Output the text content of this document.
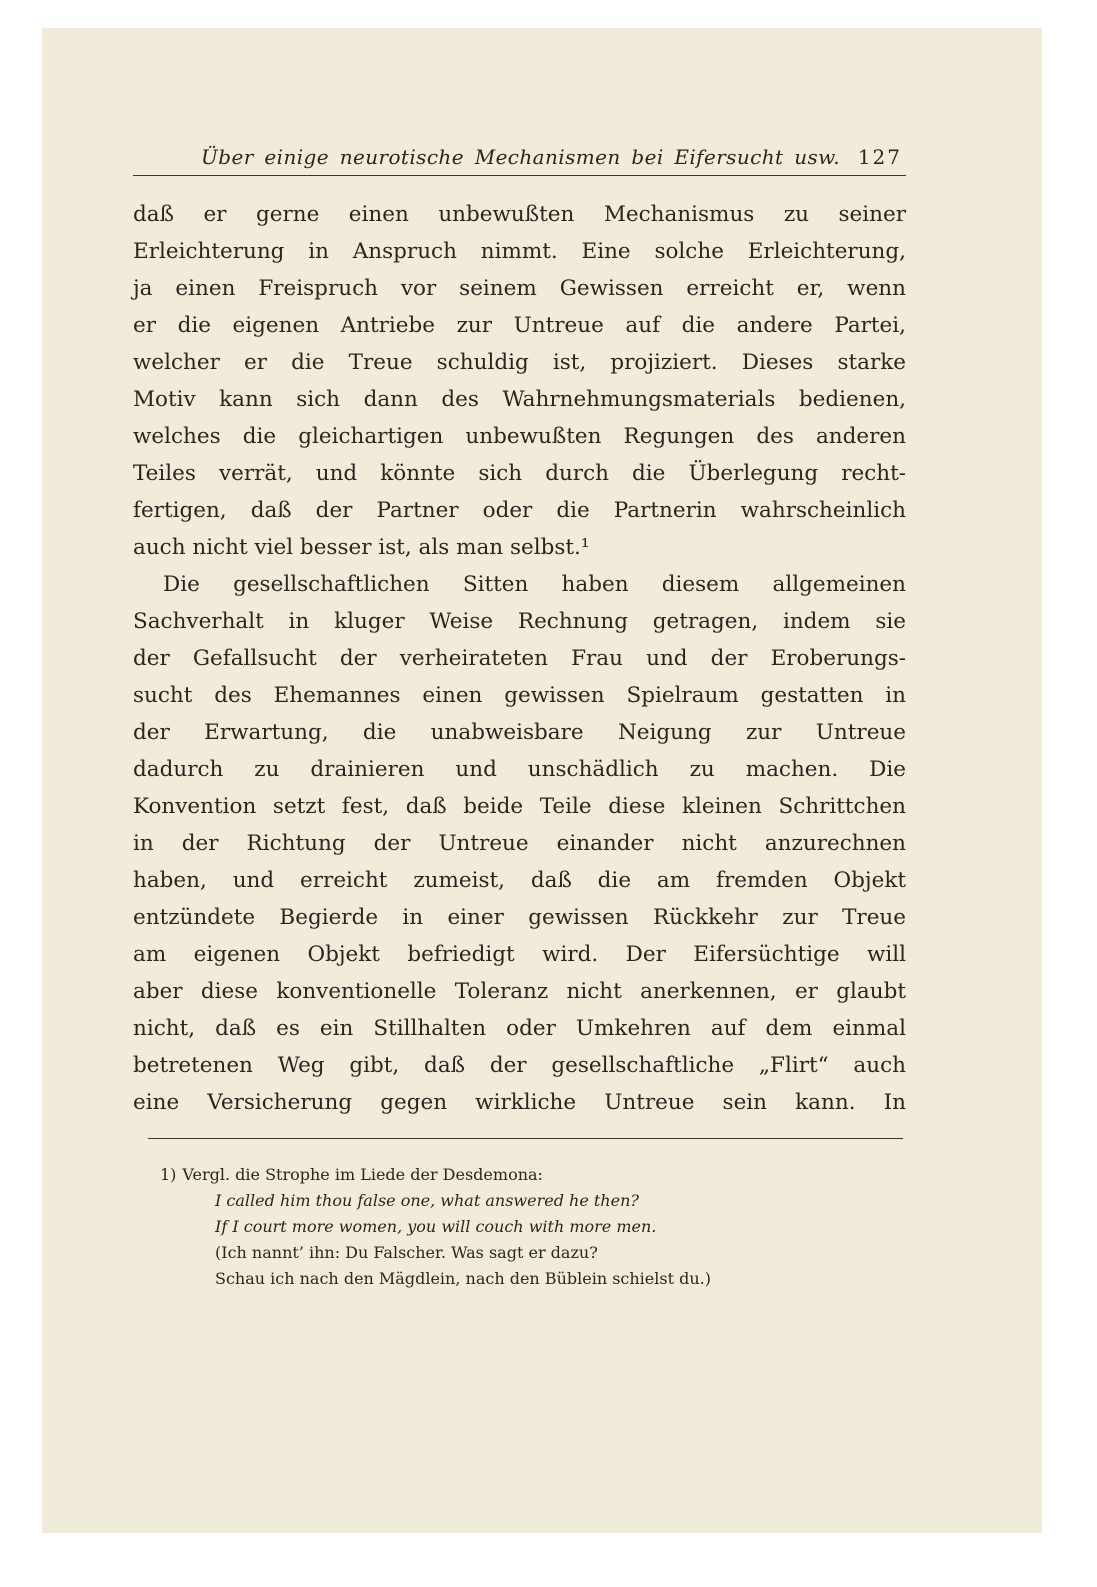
Über einige neurotische Mechanismen bei Eifersucht usw. 127

daß er gerne einen unbewußten Mechanismus zu seiner

Erleichterung in Anspruch nimmt. Eine solche Erleichterung,

ja einen Freispruch vor seinem Gewissen erreicht er, wenn

er die eigenen Antriebe zur Untreue auf die andere Partei,

welcher er die Treue schuldig ist, projiziert. Dieses starke

Motiv kann sich dann des Wahrnehmungsmaterials bedienen,

welches die gleichartigen unbewußten Regungen des anderen

Teiles verrät, und könnte sich durch die Überlegung recht-

fertigen, daß der Partner oder die Partnerin wahrscheinlich

auch nicht viel besser ist, als man selbst.¹

Die gesellschaftlichen Sitten haben diesem allgemeinen

Sachverhalt in kluger Weise Rechnung getragen, indem sie

der Gefallsucht der verheirateten Frau und der Eroberungs-

sucht des Ehemannes einen gewissen Spielraum gestatten in

der Erwartung, die unabweisbare Neigung zur Untreue

dadurch zu drainieren und unschädlich zu machen. Die

Konvention setzt fest, daß beide Teile diese kleinen Schrittchen

in der Richtung der Untreue einander nicht anzurechnen

haben, und erreicht zumeist, daß die am fremden Objekt

entzündete Begierde in einer gewissen Rückkehr zur Treue

am eigenen Objekt befriedigt wird. Der Eifersüchtige will

aber diese konventionelle Toleranz nicht anerkennen, er glaubt

nicht, daß es ein Stillhalten oder Umkehren auf dem einmal

betretenen Weg gibt, daß der gesellschaftliche „Flirt“ auch

eine Versicherung gegen wirkliche Untreue sein kann. In

1) Vergl. die Strophe im Liede der Desdemona:
I called him thou false one, what answered he then?
If I court more women, you will couch with more men.
(Ich nannt’ ihn: Du Falscher. Was sagt er dazu?
Schau ich nach den Mägdlein, nach den Büblein schielst du.)
